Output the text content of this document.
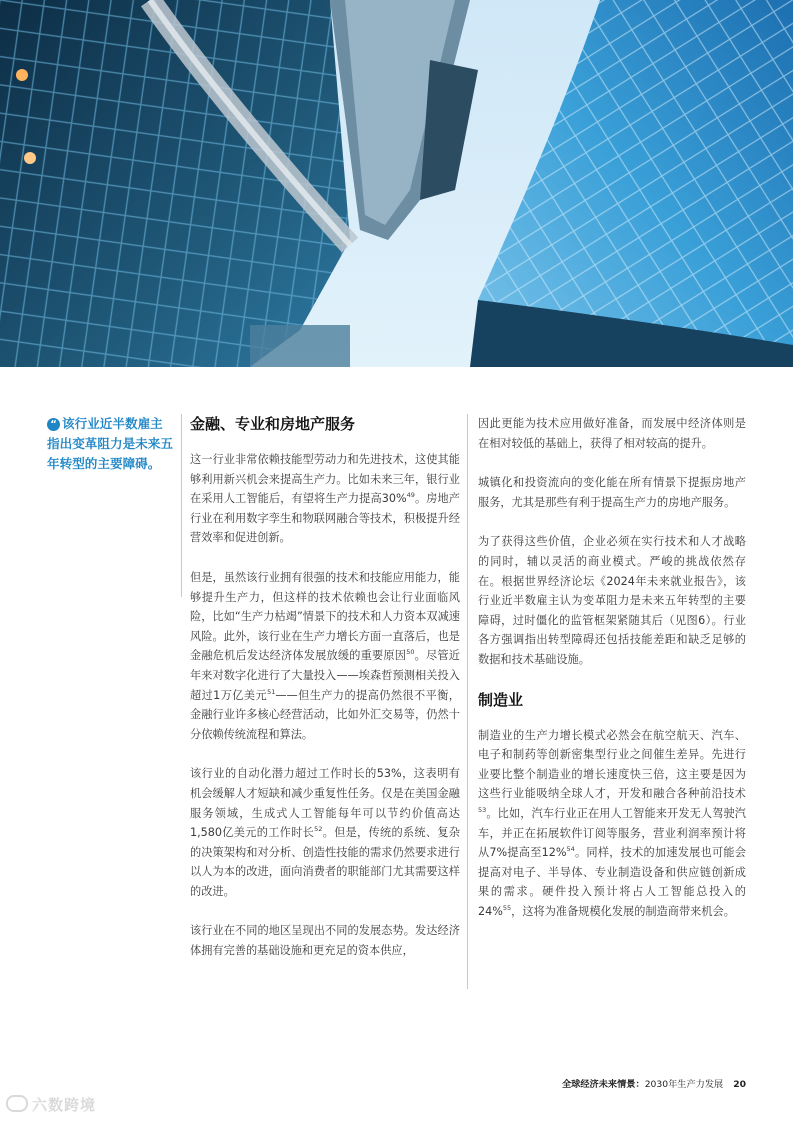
“ 该行业近半数雇主指出变革阻力是未来五年转型的主要障碍。
金融、专业和房地产服务

这一行业非常依赖技能型劳动力和先进技术，这使其能够利用新兴机会来提高生产力。比如未来三年，银行业在采用人工智能后，有望将生产力提高30%$^{49}$。房地产行业在利用数字孪生和物联网融合等技术，积极提升经营效率和促进创新。

但是，虽然该行业拥有很强的技术和技能应用能力，能够提升生产力，但这样的技术依赖也会让行业面临风险，比如“生产力枯竭”情景下的技术和人力资本双减速风险。此外，该行业在生产力增长方面一直落后，也是金融危机后发达经济体发展放缓的重要原因$^{50}$。尽管近年来对数字化进行了大量投入——埃森哲预测相关投入超过1万亿美元$^{51}$——但生产力的提高仍然很不平衡，金融行业许多核心经营活动，比如外汇交易等，仍然十分依赖传统流程和算法。

该行业的自动化潜力超过工作时长的53%，这表明有机会缓解人才短缺和减少重复性任务。仅是在美国金融服务领域，生成式人工智能每年可以节约价值高达1,580亿美元的工作时长$^{52}$。但是，传统的系统、复杂的决策架构和对分析、创造性技能的需求仍然要求进行以人为本的改进，面向消费者的职能部门尤其需要这样的改进。

该行业在不同的地区呈现出不同的发展态势。发达经济体拥有完善的基础设施和更充足的资本供应，

因此更能为技术应用做好准备，而发展中经济体则是在相对较低的基础上，获得了相对较高的提升。

城镇化和投资流向的变化能在所有情景下提振房地产服务，尤其是那些有利于提高生产力的房地产服务。

为了获得这些价值，企业必须在实行技术和人才战略的同时，辅以灵活的商业模式。严峻的挑战依然存在。根据世界经济论坛《2024年未来就业报告》，该行业近半数雇主认为变革阻力是未来五年转型的主要障碍，过时僵化的监管框架紧随其后（见图6）。行业各方强调指出转型障碍还包括技能差距和缺乏足够的数据和技术基础设施。

制造业

制造业的生产力增长模式必然会在航空航天、汽车、电子和制药等创新密集型行业之间催生差异。先进行业要比整个制造业的增长速度快三倍，这主要是因为这些行业能吸纳全球人才，开发和融合各种前沿技术$^{53}$。比如，汽车行业正在用人工智能来开发无人驾驶汽车，并正在拓展软件订阅等服务，营业利润率预计将从7%提高至12%$^{54}$。同样，技术的加速发展也可能会提高对电子、半导体、专业制造设备和供应链创新成果的需求。硬件投入预计将占人工智能总投入的24%$^{55}$，这将为准备规模化发展的制造商带来机会。

全球经济未来情景：2030年生产力发展 20
六数跨境
